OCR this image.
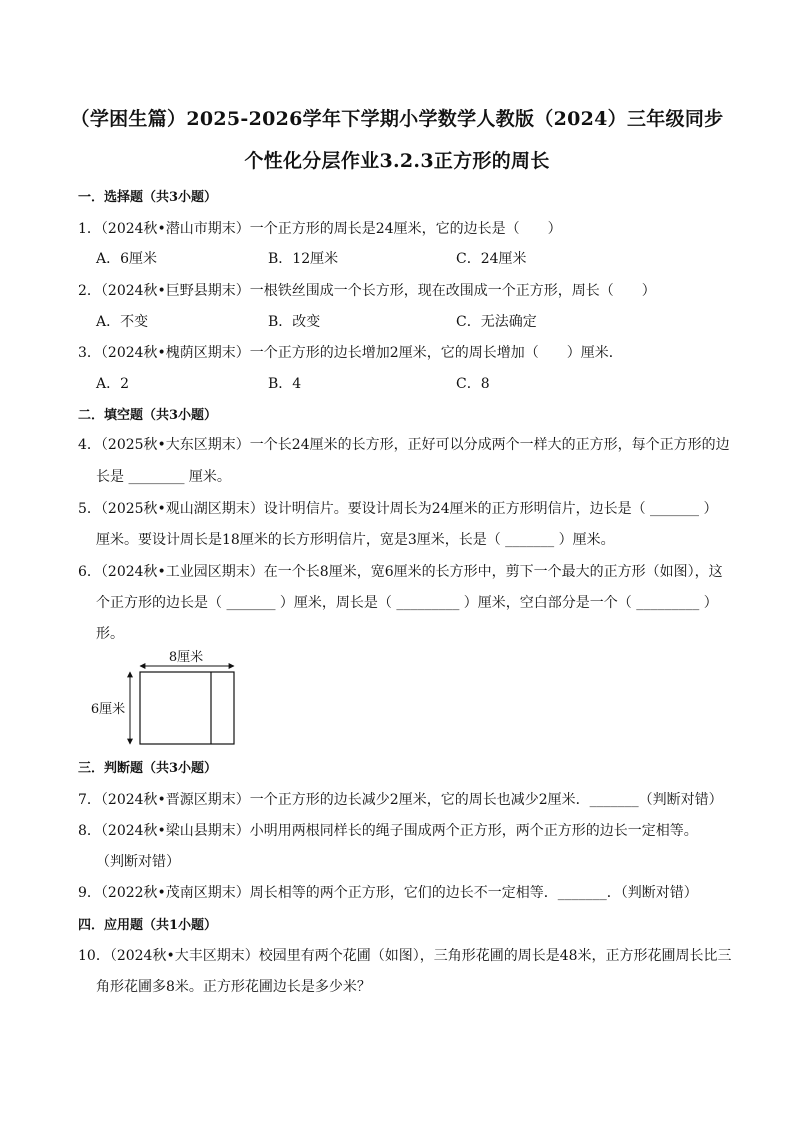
（学困生篇）2025-2026学年下学期小学数学人教版（2024）三年级同步
个性化分层作业3.2.3正方形的周长
一．选择题（共3小题）
1．（2024秋•潜山市期末）一个正方形的周长是24厘米，它的边长是（　　）
A．6厘米	B．12厘米	C．24厘米
2．（2024秋•巨野县期末）一根铁丝围成一个长方形，现在改围成一个正方形，周长（　　）
A．不变	B．改变	C．无法确定
3．（2024秋•槐荫区期末）一个正方形的边长增加2厘米，它的周长增加（　　）厘米．
A．2	B．4	C．8
二．填空题（共3小题）
4．（2025秋•大东区期末）一个长24厘米的长方形，正好可以分成两个一样大的正方形，每个正方形的边
长是 ________ 厘米。
5．（2025秋•观山湖区期末）设计明信片。要设计周长为24厘米的正方形明信片，边长是（ _______ ）
厘米。要设计周长是18厘米的长方形明信片，宽是3厘米，长是（ _______ ）厘米。
6．（2024秋•工业园区期末）在一个长8厘米，宽6厘米的长方形中，剪下一个最大的正方形（如图），这
个正方形的边长是（ _______ ）厘米，周长是（ _________ ）厘米，空白部分是一个（ _________ ）
形。
8厘米
6厘米
三．判断题（共3小题）
7．（2024秋•晋源区期末）一个正方形的边长减少2厘米，它的周长也减少2厘米．_______（判断对错）
8．（2024秋•梁山县期末）小明用两根同样长的绳子围成两个正方形，两个正方形的边长一定相等。
（判断对错）
9．（2022秋•茂南区期末）周长相等的两个正方形，它们的边长不一定相等．_______．（判断对错）
四．应用题（共1小题）
10．（2024秋•大丰区期末）校园里有两个花圃（如图），三角形花圃的周长是48米，正方形花圃周长比三
角形花圃多8米。正方形花圃边长是多少米？
